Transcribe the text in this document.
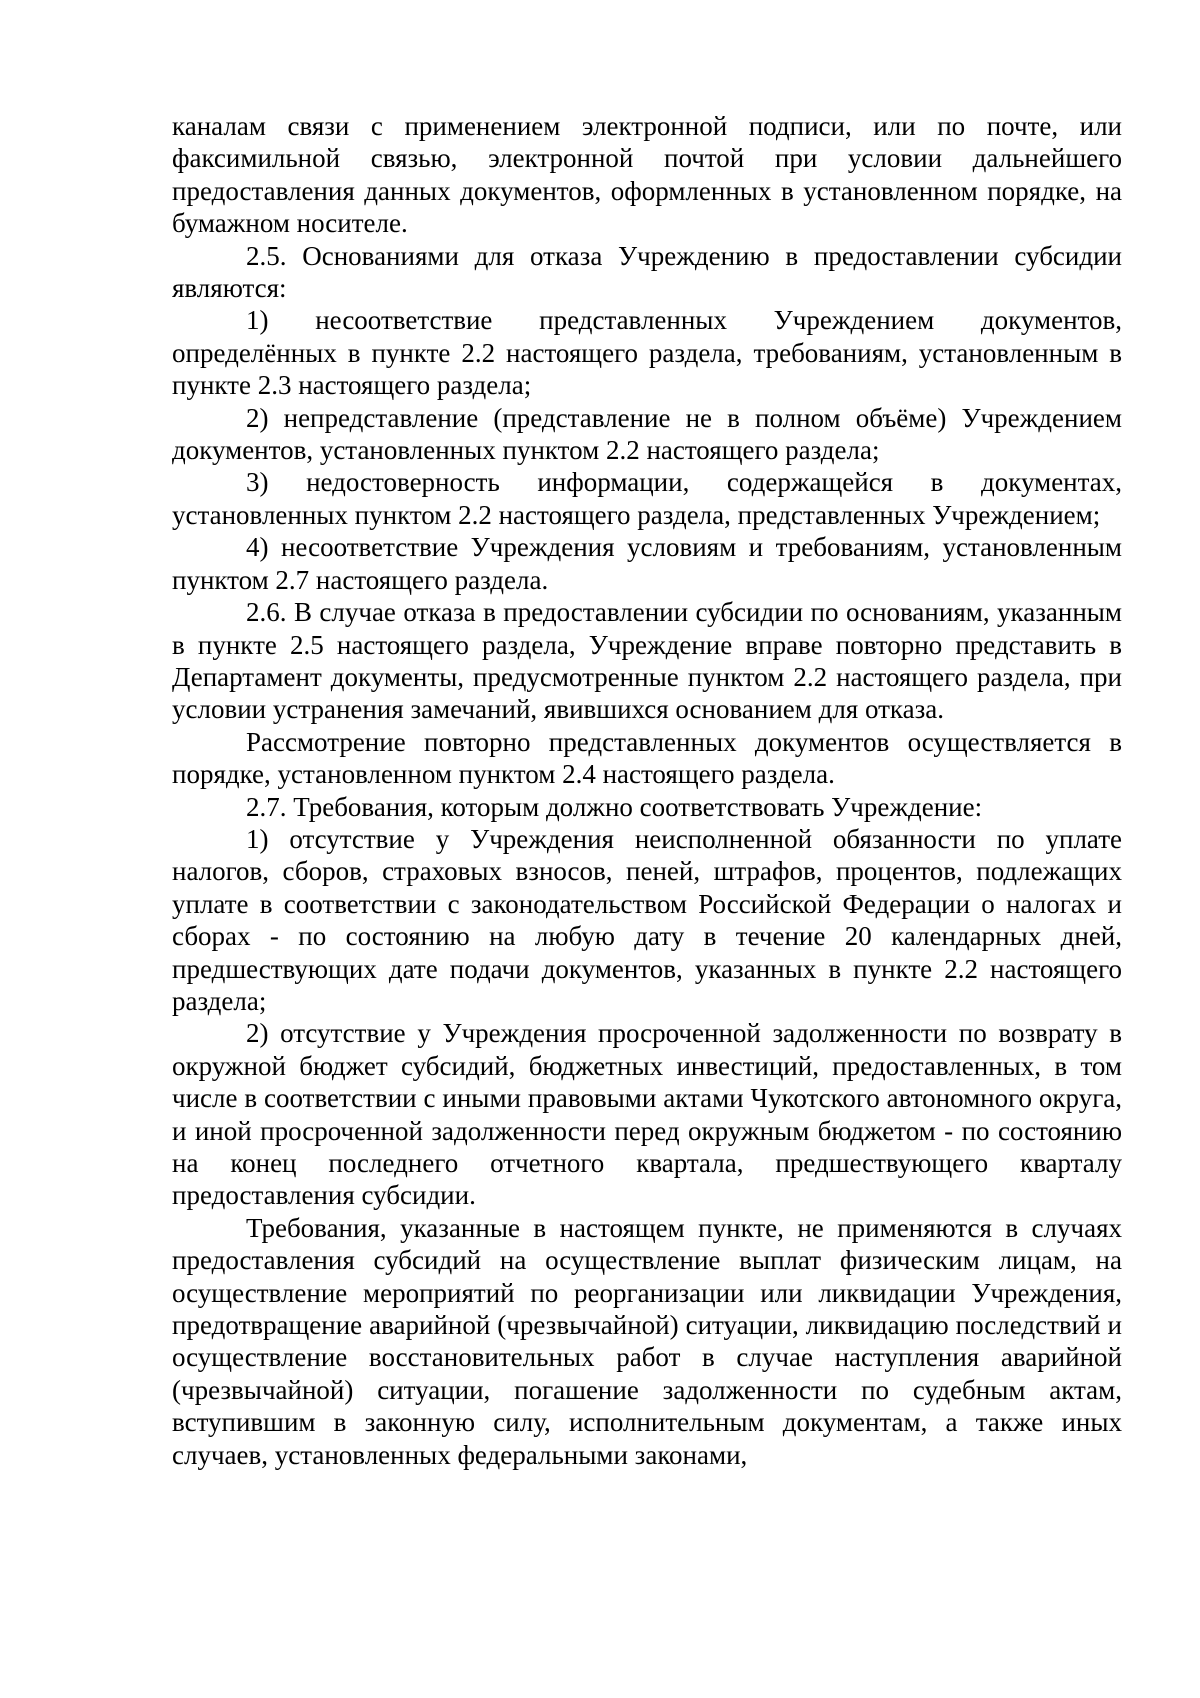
каналам связи с применением электронной подписи, или по почте, или факсимильной связью, электронной почтой при условии дальнейшего предоставления данных документов, оформленных в установленном порядке, на бумажном носителе.

2.5. Основаниями для отказа Учреждению в предоставлении субсидии являются:

1) несоответствие представленных Учреждением документов, определённых в пункте 2.2 настоящего раздела, требованиям, установленным в пункте 2.3 настоящего раздела;

2) непредставление (представление не в полном объёме) Учреждением документов, установленных пунктом 2.2 настоящего раздела;

3) недостоверность информации, содержащейся в документах, установленных пунктом 2.2 настоящего раздела, представленных Учреждением;

4) несоответствие Учреждения условиям и требованиям, установленным пунктом 2.7 настоящего раздела.

2.6. В случае отказа в предоставлении субсидии по основаниям, указанным в пункте 2.5 настоящего раздела, Учреждение вправе повторно представить в Департамент документы, предусмотренные пунктом 2.2 настоящего раздела, при условии устранения замечаний, явившихся основанием для отказа.

Рассмотрение повторно представленных документов осуществляется в порядке, установленном пунктом 2.4 настоящего раздела.

2.7. Требования, которым должно соответствовать Учреждение:

1) отсутствие у Учреждения неисполненной обязанности по уплате налогов, сборов, страховых взносов, пеней, штрафов, процентов, подлежащих уплате в соответствии с законодательством Российской Федерации о налогах и сборах - по состоянию на любую дату в течение 20 календарных дней, предшествующих дате подачи документов, указанных в пункте 2.2 настоящего раздела;

2) отсутствие у Учреждения просроченной задолженности по возврату в окружной бюджет субсидий, бюджетных инвестиций, предоставленных, в том числе в соответствии с иными правовыми актами Чукотского автономного округа, и иной просроченной задолженности перед окружным бюджетом - по состоянию на конец последнего отчетного квартала, предшествующего кварталу предоставления субсидии.

Требования, указанные в настоящем пункте, не применяются в случаях предоставления субсидий на осуществление выплат физическим лицам, на осуществление мероприятий по реорганизации или ликвидации Учреждения, предотвращение аварийной (чрезвычайной) ситуации, ликвидацию последствий и осуществление восстановительных работ в случае наступления аварийной (чрезвычайной) ситуации, погашение задолженности по судебным актам, вступившим в законную силу, исполнительным документам, а также иных случаев, установленных федеральными законами,
